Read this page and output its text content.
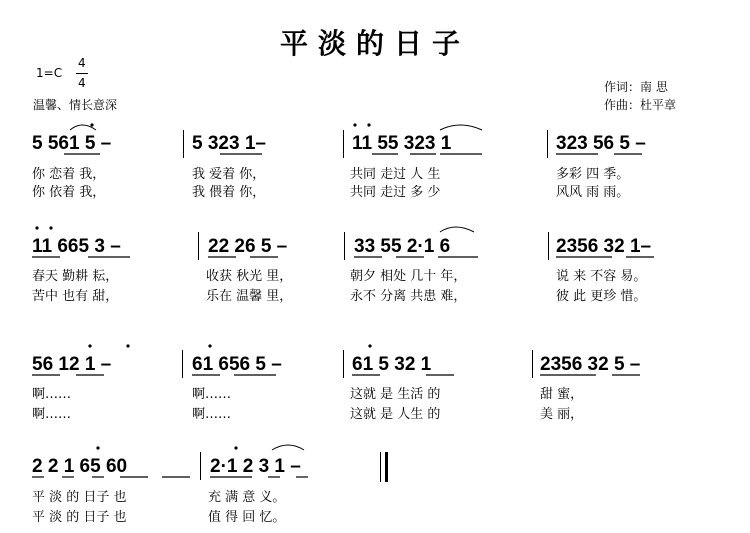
平淡的日子
1=C
4
4
温馨、情长意深
作词：南 思
作曲：杜平章
5 561 5 –	5 323 1–	11 55 323 1	323 56 5 –
你 恋着 我，	我 爱着 你，	共同 走过 人 生	多彩 四 季。
你 依着 我，	我 偎着 你，	共同 走过 多 少	风风 雨 雨。
11 665 3 –	22 26 5 –	33 55 2·1 6	2356 32 1–
春天 勤耕 耘，	收获 秋光 里，	朝夕 相处 几十 年，	说 来 不容 易。
苦中 也有 甜，	乐在 温馨 里，	永不 分离 共患 难，	彼 此 更珍 惜。
56 12 1 –	61 656 5 –	61 5 32 1	2356 32 5 –
啊……	啊……	这就 是 生活 的	甜 蜜，
啊……	啊……	这就 是 人生 的	美 丽，
2 2 1 65 60	2·1 2 3 1 –
平 淡 的 日子 也	充 满 意 义。
平 淡 的 日子 也	值 得 回 忆。
